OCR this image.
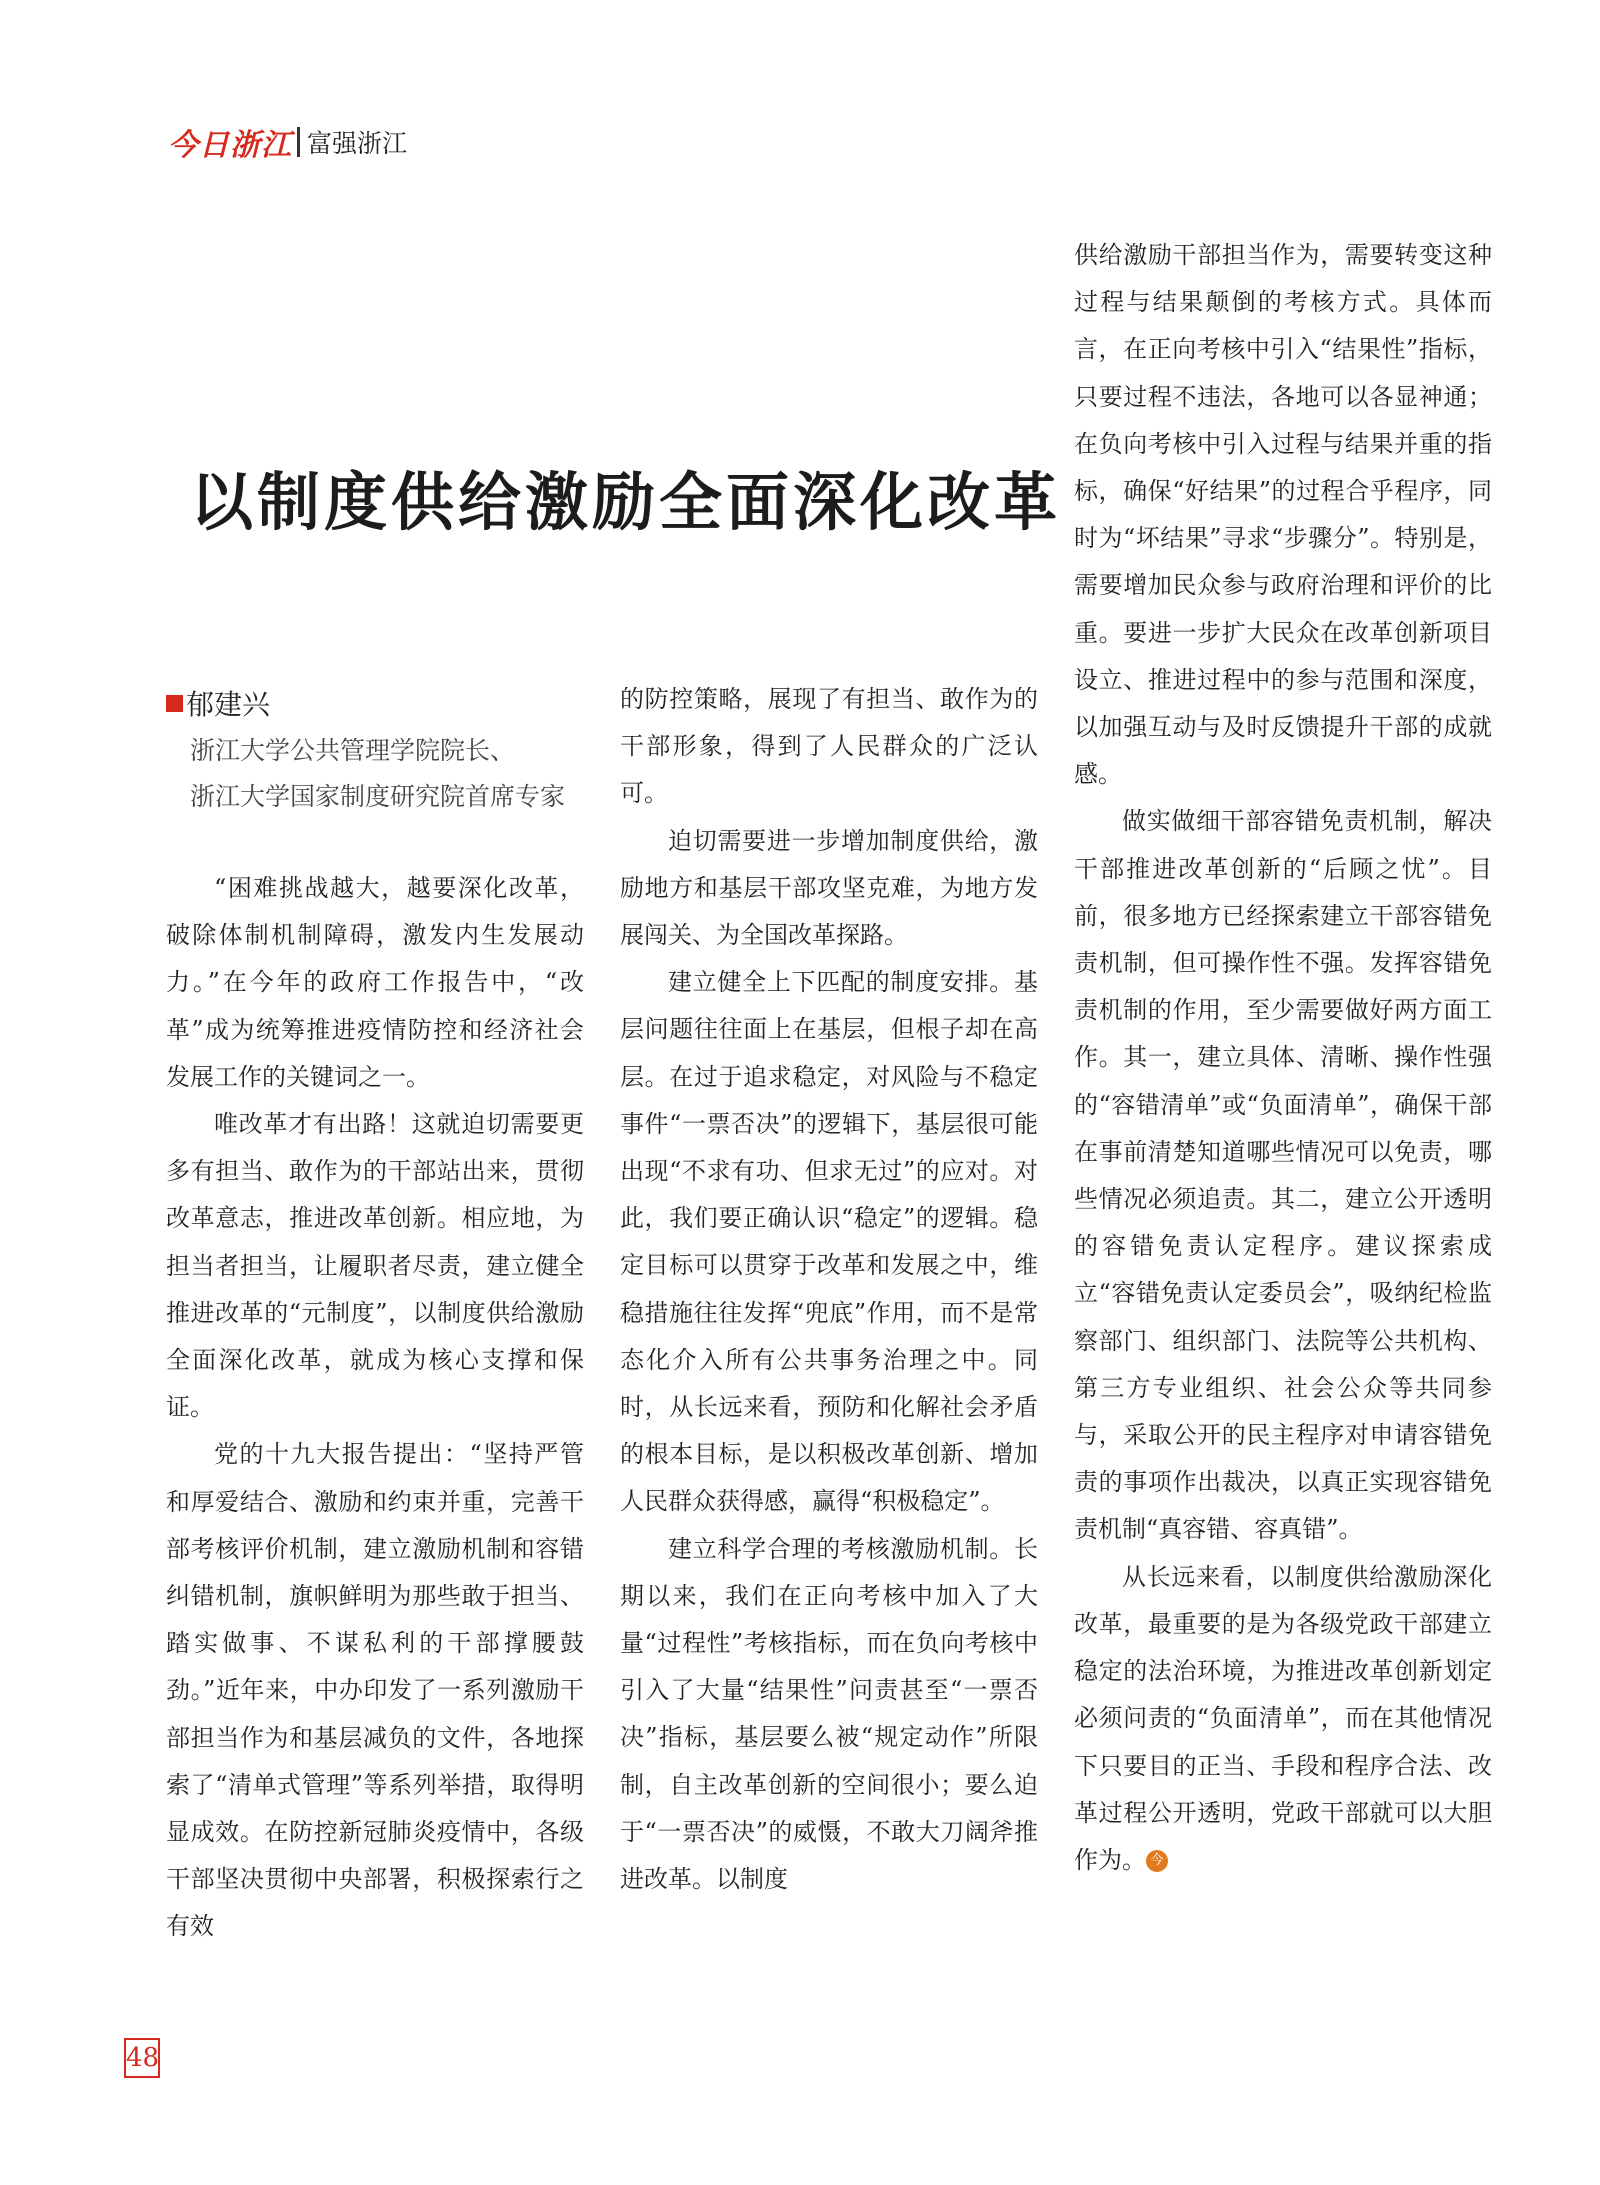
今日浙江 富强浙江
以制度供给激励全面深化改革
郁建兴
浙江大学公共管理学院院长、
浙江大学国家制度研究院首席专家

“困难挑战越大，越要深化改革，破除体制机制障碍，激发内生发展动力。”在今年的政府工作报告中，“改革”成为统筹推进疫情防控和经济社会发展工作的关键词之一。

唯改革才有出路！这就迫切需要更多有担当、敢作为的干部站出来，贯彻改革意志，推进改革创新。相应地，为担当者担当，让履职者尽责，建立健全推进改革的“元制度”，以制度供给激励全面深化改革，就成为核心支撑和保证。

党的十九大报告提出：“坚持严管和厚爱结合、激励和约束并重，完善干部考核评价机制，建立激励机制和容错纠错机制，旗帜鲜明为那些敢于担当、踏实做事、不谋私利的干部撑腰鼓劲。”近年来，中办印发了一系列激励干部担当作为和基层减负的文件，各地探索了“清单式管理”等系列举措，取得明显成效。在防控新冠肺炎疫情中，各级干部坚决贯彻中央部署，积极探索行之有效

的防控策略，展现了有担当、敢作为的干部形象，得到了人民群众的广泛认可。

迫切需要进一步增加制度供给，激励地方和基层干部攻坚克难，为地方发展闯关、为全国改革探路。

建立健全上下匹配的制度安排。基层问题往往面上在基层，但根子却在高层。在过于追求稳定，对风险与不稳定事件“一票否决”的逻辑下，基层很可能出现“不求有功、但求无过”的应对。对此，我们要正确认识“稳定”的逻辑。稳定目标可以贯穿于改革和发展之中，维稳措施往往发挥“兜底”作用，而不是常态化介入所有公共事务治理之中。同时，从长远来看，预防和化解社会矛盾的根本目标，是以积极改革创新、增加人民群众获得感，赢得“积极稳定”。

建立科学合理的考核激励机制。长期以来，我们在正向考核中加入了大量“过程性”考核指标，而在负向考核中引入了大量“结果性”问责甚至“一票否决”指标，基层要么被“规定动作”所限制，自主改革创新的空间很小；要么迫于“一票否决”的威慑，不敢大刀阔斧推进改革。以制度

供给激励干部担当作为，需要转变这种过程与结果颠倒的考核方式。具体而言，在正向考核中引入“结果性”指标，只要过程不违法，各地可以各显神通；在负向考核中引入过程与结果并重的指标，确保“好结果”的过程合乎程序，同时为“坏结果”寻求“步骤分”。特别是，需要增加民众参与政府治理和评价的比重。要进一步扩大民众在改革创新项目设立、推进过程中的参与范围和深度，以加强互动与及时反馈提升干部的成就感。

做实做细干部容错免责机制，解决干部推进改革创新的“后顾之忧”。目前，很多地方已经探索建立干部容错免责机制，但可操作性不强。发挥容错免责机制的作用，至少需要做好两方面工作。其一，建立具体、清晰、操作性强的“容错清单”或“负面清单”，确保干部在事前清楚知道哪些情况可以免责，哪些情况必须追责。其二，建立公开透明的容错免责认定程序。建议探索成立“容错免责认定委员会”，吸纳纪检监察部门、组织部门、法院等公共机构、第三方专业组织、社会公众等共同参与，采取公开的民主程序对申请容错免责的事项作出裁决，以真正实现容错免责机制“真容错、容真错”。

从长远来看，以制度供给激励深化改革，最重要的是为各级党政干部建立稳定的法治环境，为推进改革创新划定必须问责的“负面清单”，而在其他情况下只要目的正当、手段和程序合法、改革过程公开透明，党政干部就可以大胆作为。 今

48
